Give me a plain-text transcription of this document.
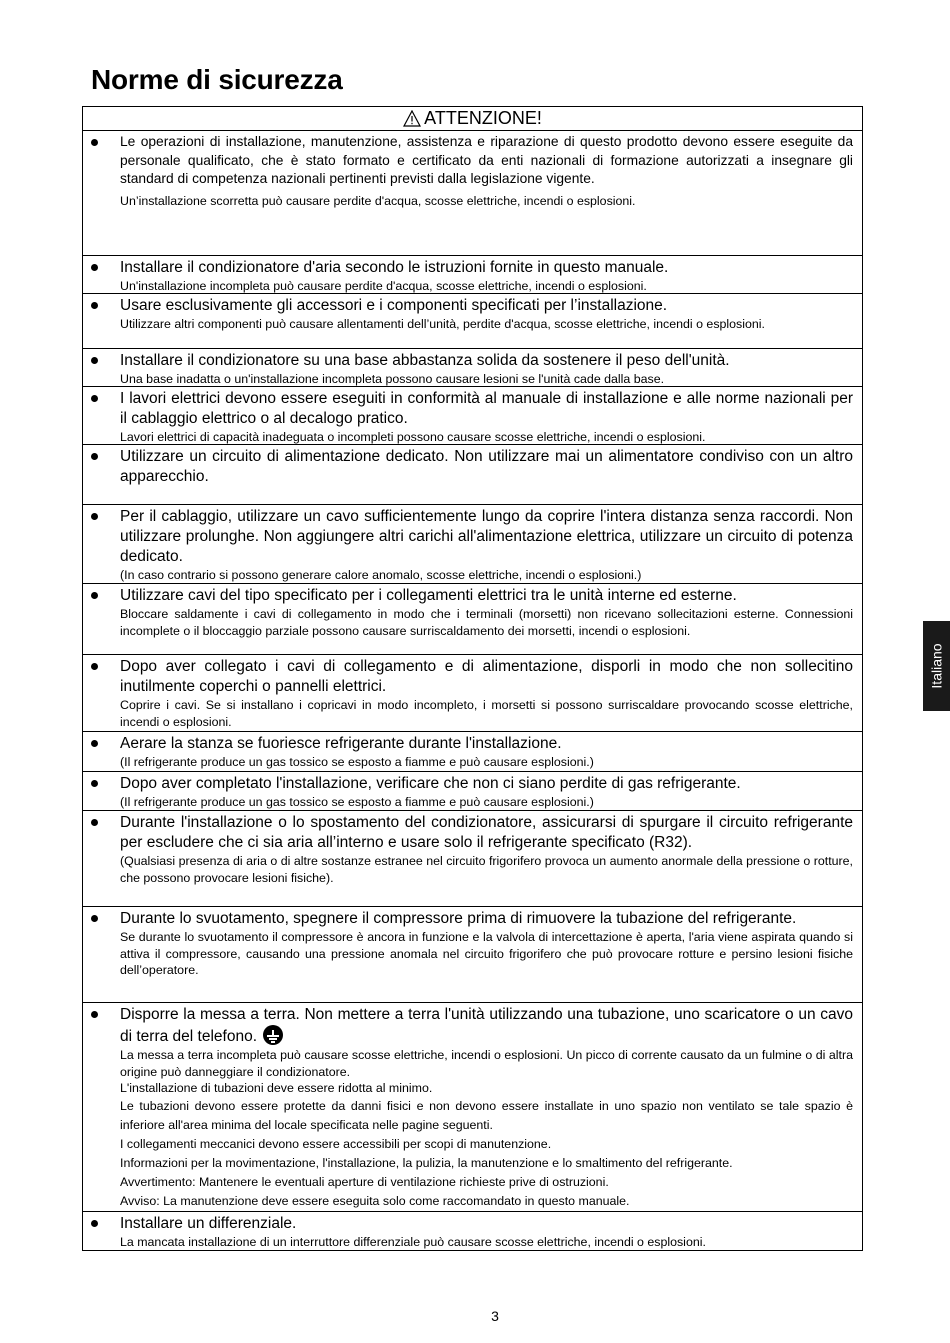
Norme di sicurezza
ATTENZIONE!
Le operazioni di installazione, manutenzione, assistenza e riparazione di questo prodotto devono essere eseguite da personale qualificato, che è stato formato e certificato da enti nazionali di formazione autorizzati a insegnare gli standard di competenza nazionali pertinenti previsti dalla legislazione vigente.
Un’installazione scorretta può causare perdite d'acqua, scosse elettriche, incendi o esplosioni.
Installare il condizionatore d'aria secondo le istruzioni fornite in questo manuale.
Un'installazione incompleta può causare perdite d'acqua, scosse elettriche, incendi o esplosioni.
Usare esclusivamente gli accessori e i componenti specificati per l’installazione.
Utilizzare altri componenti può causare allentamenti dell’unità, perdite d'acqua, scosse elettriche, incendi o esplosioni.
Installare il condizionatore su una base abbastanza solida da sostenere il peso dell'unità.
Una base inadatta o un'installazione incompleta possono causare lesioni se l'unità cade dalla base.
I lavori elettrici devono essere eseguiti in conformità al manuale di installazione e alle norme nazionali per il cablaggio elettrico o al decalogo pratico.
Lavori elettrici di capacità inadeguata o incompleti possono causare scosse elettriche, incendi o esplosioni.
Utilizzare un circuito di alimentazione dedicato. Non utilizzare mai un alimentatore condiviso con un altro apparecchio.
Per il cablaggio, utilizzare un cavo sufficientemente lungo da coprire l'intera distanza senza raccordi. Non utilizzare prolunghe. Non aggiungere altri carichi all'alimentazione elettrica, utilizzare un circuito di potenza dedicato.
(In caso contrario si possono generare calore anomalo, scosse elettriche, incendi o esplosioni.)
Utilizzare cavi del tipo specificato per i collegamenti elettrici tra le unità interne ed esterne.
Bloccare saldamente i cavi di collegamento in modo che i terminali (morsetti) non ricevano sollecitazioni esterne. Connessioni incomplete o il bloccaggio parziale possono causare surriscaldamento dei morsetti, incendi o esplosioni.
Dopo aver collegato i cavi di collegamento e di alimentazione, disporli in modo che non sollecitino inutilmente coperchi o pannelli elettrici.
Coprire i cavi. Se si installano i copricavi in modo incompleto, i morsetti si possono surriscaldare provocando scosse elettriche, incendi o esplosioni.
Aerare la stanza se fuoriesce refrigerante durante l'installazione.
(Il refrigerante produce un gas tossico se esposto a fiamme e può causare esplosioni.)
Dopo aver completato l'installazione, verificare che non ci siano perdite di gas refrigerante.
(Il refrigerante produce un gas tossico se esposto a fiamme e può causare esplosioni.)
Durante l'installazione o lo spostamento del condizionatore, assicurarsi di spurgare il circuito refrigerante per escludere che ci sia aria all’interno e usare solo il refrigerante specificato (R32).
(Qualsiasi presenza di aria o di altre sostanze estranee nel circuito frigorifero provoca un aumento anormale della pressione o rotture, che possono provocare lesioni fisiche).
Durante lo svuotamento, spegnere il compressore prima di rimuovere la tubazione del refrigerante.
Se durante lo svuotamento il compressore è ancora in funzione e la valvola di intercettazione è aperta, l'aria viene aspirata quando si attiva il compressore, causando una pressione anomala nel circuito frigorifero che può provocare rotture e persino lesioni fisiche dell’operatore.
Disporre la messa a terra. Non mettere a terra l'unità utilizzando una tubazione, uno scaricatore o un cavo di terra del telefono.
La messa a terra incompleta può causare scosse elettriche, incendi o esplosioni. Un picco di corrente causato da un fulmine o di altra origine può danneggiare il condizionatore.
L'installazione di tubazioni deve essere ridotta al minimo.
Le tubazioni devono essere protette da danni fisici e non devono essere installate in uno spazio non ventilato se tale spazio è inferiore all'area minima del locale specificata nelle pagine seguenti.
I collegamenti meccanici devono essere accessibili per scopi di manutenzione.
Informazioni per la movimentazione, l'installazione, la pulizia, la manutenzione e lo smaltimento del refrigerante.
Avvertimento: Mantenere le eventuali aperture di ventilazione richieste prive di ostruzioni.
Avviso: La manutenzione deve essere eseguita solo come raccomandato in questo manuale.
Installare un differenziale.
La mancata installazione di un interruttore differenziale può causare scosse elettriche, incendi o esplosioni.
Italiano
3
